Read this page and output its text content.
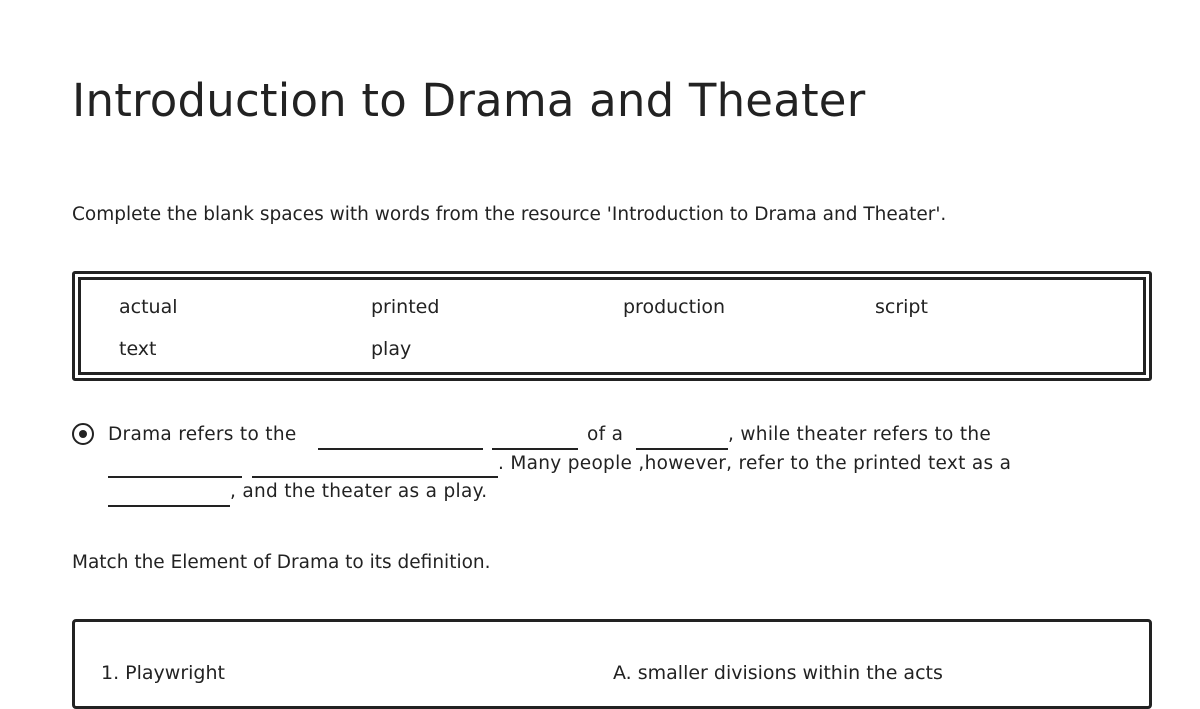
Introduction to Drama and Theater

Complete the blank spaces with words from the resource 'Introduction to Drama and Theater'.

actual	printed	production	script
text	play
Drama refers to the	of a	, while theater refers to the
. Many people ,however, refer to the printed text as a
, and the theater as a play.

Match the Element of Drama to its definition.

1. Playwright	A. smaller divisions within the acts
